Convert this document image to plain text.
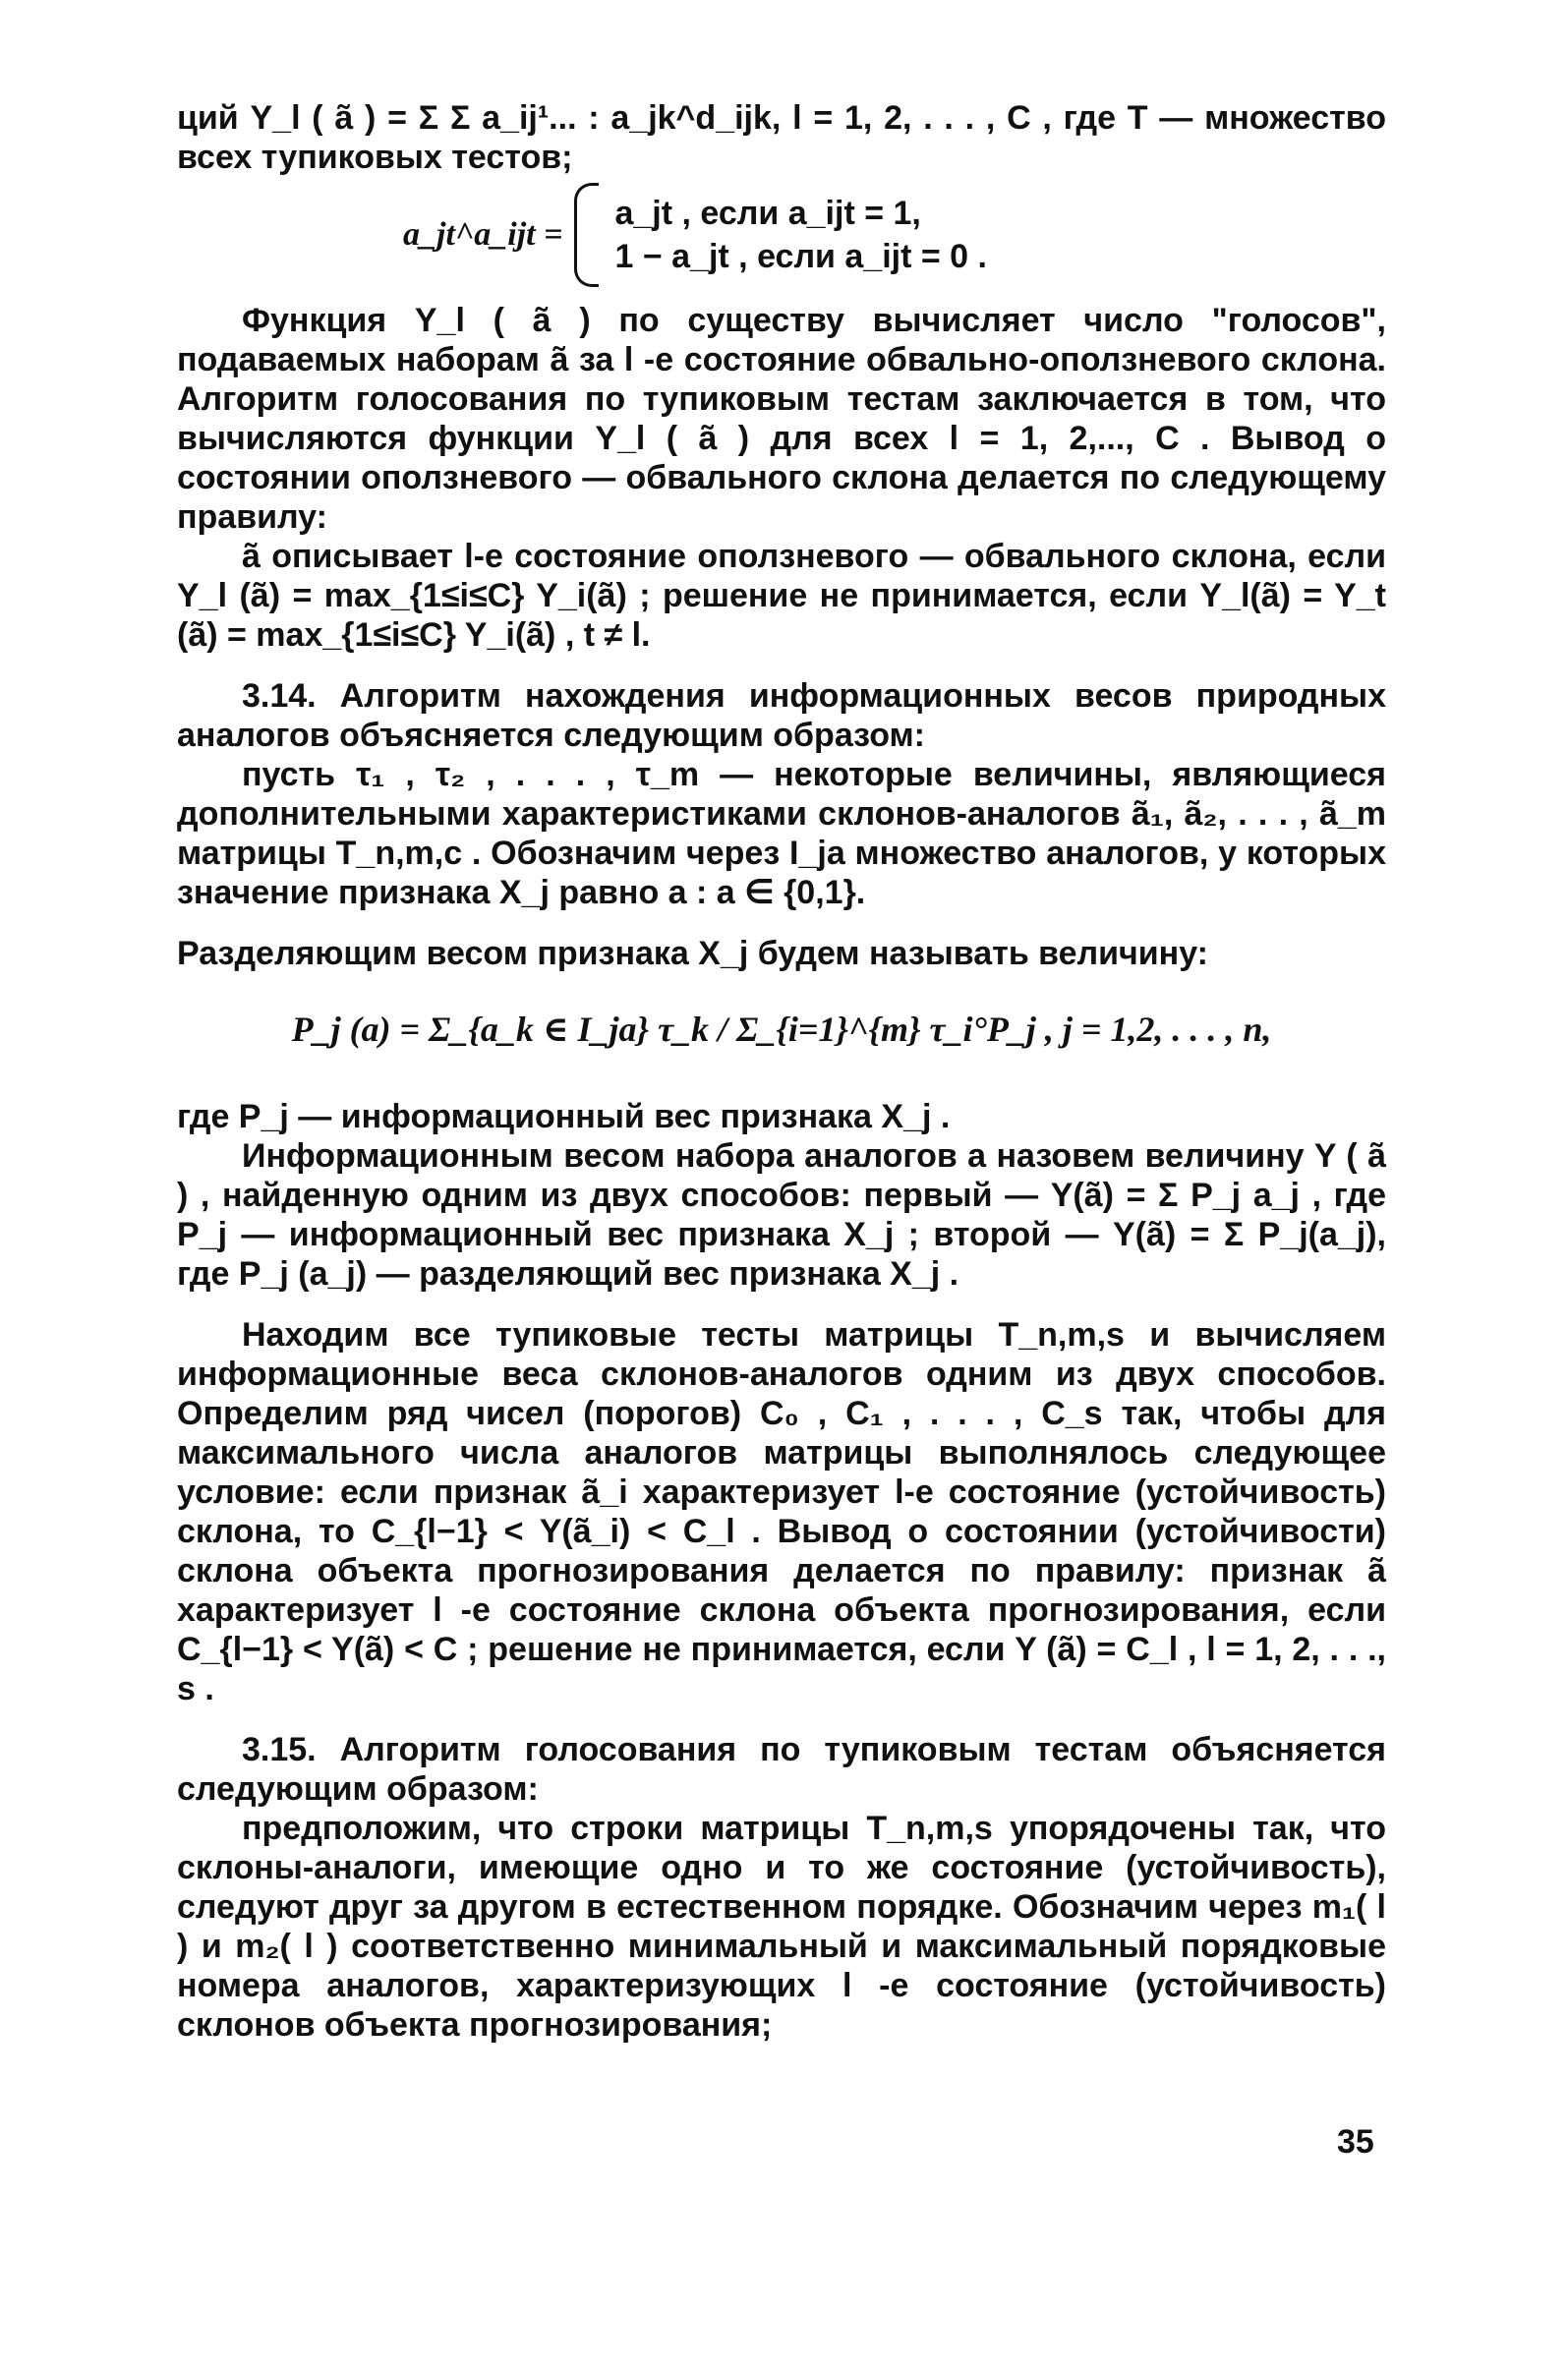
ций Y_l ( ã ) = Σ Σ a_ij¹... : a_jk^d_ijk, l = 1, 2, . . . , C , где T — множество всех тупиковых тестов;

a_jt^a_ijt =
a_jt , если a_ijt = 1,
1 − a_jt , если a_ijt = 0 .

Функция Y_l ( ã ) по существу вычисляет число "голосов", подаваемых наборам ã за l -е состояние обвально-оползневого склона. Алгоритм голосования по тупиковым тестам заключается в том, что вычисляются функции Y_l ( ã ) для всех l = 1, 2,..., C . Вывод о состоянии оползневого — обвального склона делается по следующему правилу:

ã описывает l-е состояние оползневого — обвального склона, если Y_l (ã) = max_{1≤i≤C} Y_i(ã) ; решение не принимается, если Y_l(ã) = Y_t (ã) = max_{1≤i≤C} Y_i(ã) , t ≠ l.

3.14. Алгоритм нахождения информационных весов природных аналогов объясняется следующим образом:

пусть τ₁ , τ₂ , . . . , τ_m — некоторые величины, являющиеся дополнительными характеристиками склонов-аналогов ã₁, ã₂, . . . , ã_m матрицы T_n,m,c . Обозначим через I_ja множество аналогов, у которых значение признака X_j равно a : a ∈ {0,1}.

Разделяющим весом признака X_j будем называть величину:

P_j (a) = Σ_{a_k ∈ I_ja} τ_k / Σ_{i=1}^{m} τ_i°P_j , j = 1,2, . . . , n,

где P_j — информационный вес признака X_j .

Информационным весом набора аналогов a назовем величину Y ( ã ) , найденную одним из двух способов: первый — Y(ã) = Σ P_j a_j , где P_j — информационный вес признака X_j ; второй — Y(ã) = Σ P_j(a_j), где P_j (a_j) — разделяющий вес признака X_j .

Находим все тупиковые тесты матрицы T_n,m,s и вычисляем информационные веса склонов-аналогов одним из двух способов. Определим ряд чисел (порогов) C₀ , C₁ , . . . , C_s так, чтобы для максимального числа аналогов матрицы выполнялось следующее условие: если признак ã_i характеризует l-е состояние (устойчивость) склона, то C_{l−1} < Y(ã_i) < C_l . Вывод о состоянии (устойчивости) склона объекта прогнозирования делается по правилу: признак ã характеризует l -е состояние склона объекта прогнозирования, если C_{l−1} < Y(ã) < C ; решение не принимается, если Y (ã) = C_l , l = 1, 2, . . ., s .

3.15. Алгоритм голосования по тупиковым тестам объясняется следующим образом:

предположим, что строки матрицы T_n,m,s упорядочены так, что склоны-аналоги, имеющие одно и то же состояние (устойчивость), следуют друг за другом в естественном порядке. Обозначим через m₁( l ) и m₂( l ) соответственно минимальный и максимальный порядковые номера аналогов, характеризующих l -е состояние (устойчивость) склонов объекта прогнозирования;

35
